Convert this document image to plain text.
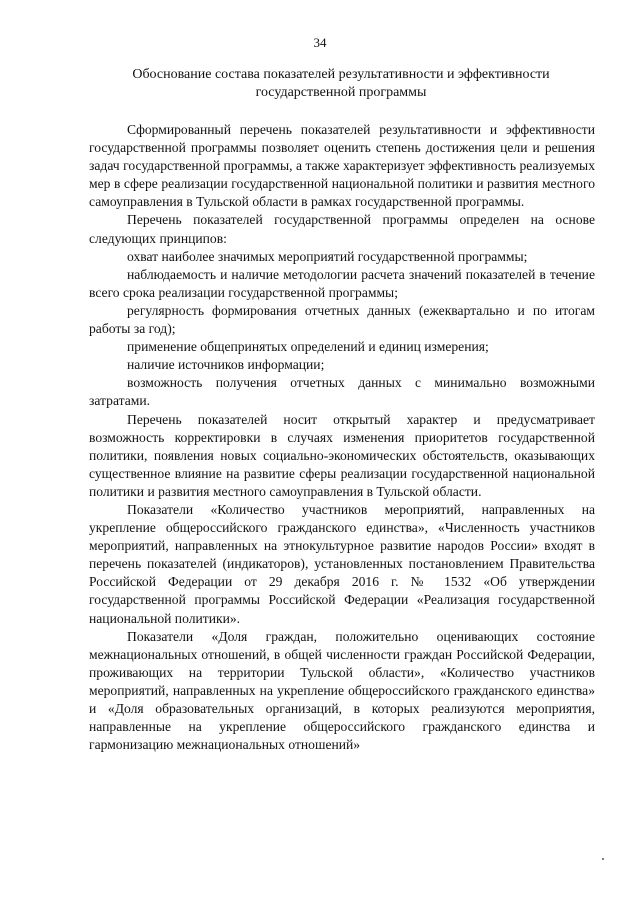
34
Обоснование состава показателей результативности и эффективности государственной программы

Сформированный перечень показателей результативности и эффективности государственной программы позволяет оценить степень достижения цели и решения задач государственной программы, а также характеризует эффективность реализуемых мер в сфере реализации государственной национальной политики и развития местного самоуправления в Тульской области в рамках государственной программы.

Перечень показателей государственной программы определен на основе следующих принципов:

охват наиболее значимых мероприятий государственной программы;

наблюдаемость и наличие методологии расчета значений показателей в течение всего срока реализации государственной программы;

регулярность формирования отчетных данных (ежеквартально и по итогам работы за год);

применение общепринятых определений и единиц измерения;

наличие источников информации;

возможность получения отчетных данных с минимально возможными затратами.

Перечень показателей носит открытый характер и предусматривает возможность корректировки в случаях изменения приоритетов государственной политики, появления новых социально-экономических обстоятельств, оказывающих существенное влияние на развитие сферы реализации государственной национальной политики и развития местного самоуправления в Тульской области.

Показатели «Количество участников мероприятий, направленных на укрепление общероссийского гражданского единства», «Численность участников мероприятий, направленных на этнокультурное развитие народов России» входят в перечень показателей (индикаторов), установленных постановлением Правительства Российской Федерации от 29 декабря 2016 г. № 1532 «Об утверждении государственной программы Российской Федерации «Реализация государственной национальной политики».

Показатели «Доля граждан, положительно оценивающих состояние межнациональных отношений, в общей численности граждан Российской Федерации, проживающих на территории Тульской области», «Количество участников мероприятий, направленных на укрепление общероссийского гражданского единства» и «Доля образовательных организаций, в которых реализуются мероприятия, направленные на укрепление общероссийского гражданского единства и гармонизацию межнациональных отношений»
